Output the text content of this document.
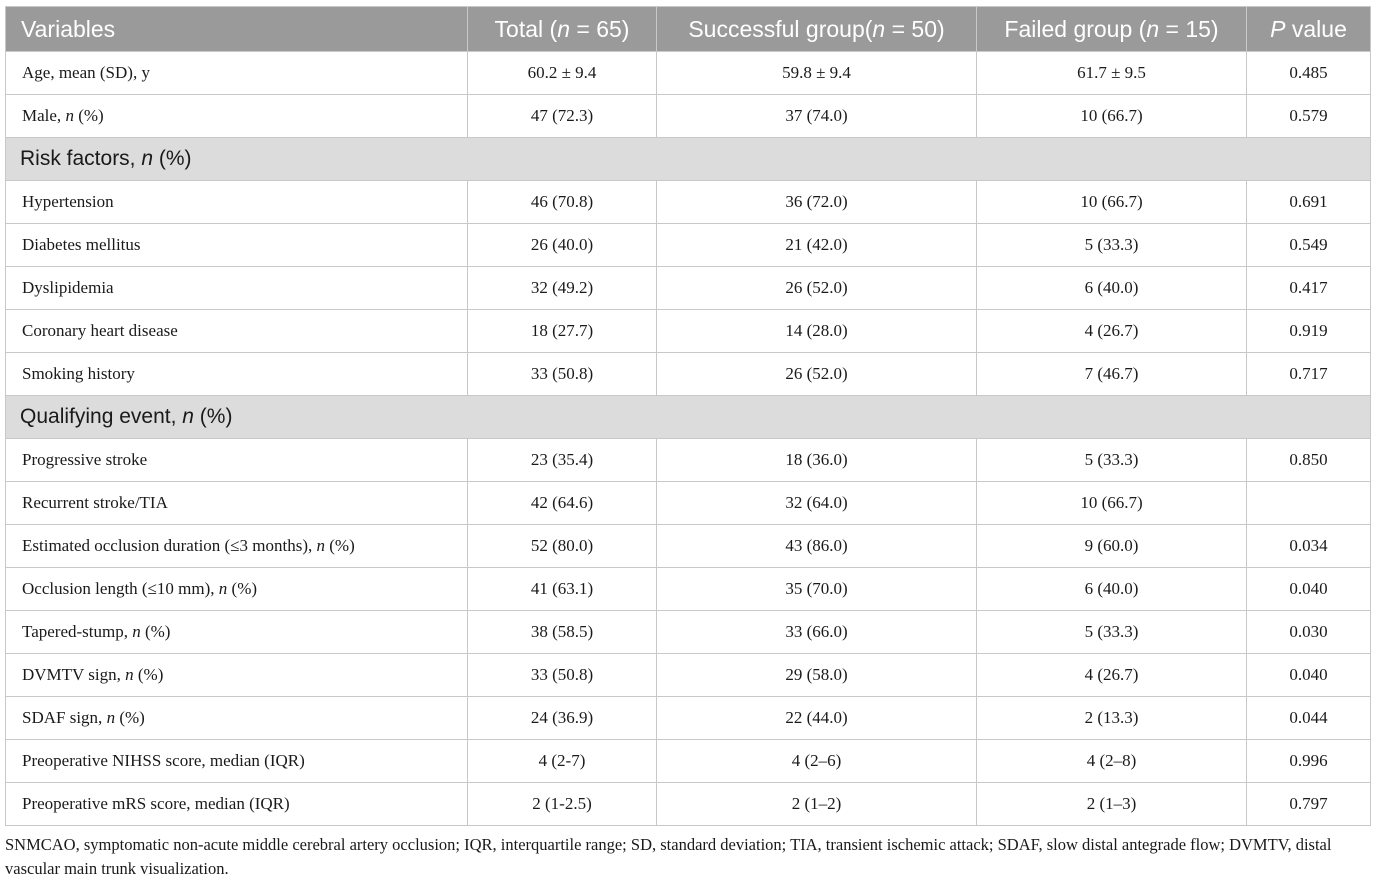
Variables	Total (n = 65)	Successful group(n = 50)	Failed group (n = 15)	P value
Age, mean (SD), y	60.2 ± 9.4	59.8 ± 9.4	61.7 ± 9.5	0.485
Male, n (%)	47 (72.3)	37 (74.0)	10 (66.7)	0.579
Risk factors, n (%)				
Hypertension	46 (70.8)	36 (72.0)	10 (66.7)	0.691
Diabetes mellitus	26 (40.0)	21 (42.0)	5 (33.3)	0.549
Dyslipidemia	32 (49.2)	26 (52.0)	6 (40.0)	0.417
Coronary heart disease	18 (27.7)	14 (28.0)	4 (26.7)	0.919
Smoking history	33 (50.8)	26 (52.0)	7 (46.7)	0.717
Qualifying event, n (%)				
Progressive stroke	23 (35.4)	18 (36.0)	5 (33.3)	0.850
Recurrent stroke/TIA	42 (64.6)	32 (64.0)	10 (66.7)	
Estimated occlusion duration (≤3 months), n (%)	52 (80.0)	43 (86.0)	9 (60.0)	0.034
Occlusion length (≤10 mm), n (%)	41 (63.1)	35 (70.0)	6 (40.0)	0.040
Tapered-stump, n (%)	38 (58.5)	33 (66.0)	5 (33.3)	0.030
DVMTV sign, n (%)	33 (50.8)	29 (58.0)	4 (26.7)	0.040
SDAF sign, n (%)	24 (36.9)	22 (44.0)	2 (13.3)	0.044
Preoperative NIHSS score, median (IQR)	4 (2-7)	4 (2–6)	4 (2–8)	0.996
Preoperative mRS score, median (IQR)	2 (1-2.5)	2 (1–2)	2 (1–3)	0.797
SNMCAO, symptomatic non-acute middle cerebral artery occlusion; IQR, interquartile range; SD, standard deviation; TIA, transient ischemic attack; SDAF, slow distal antegrade flow; DVMTV, distal vascular main trunk visualization.
